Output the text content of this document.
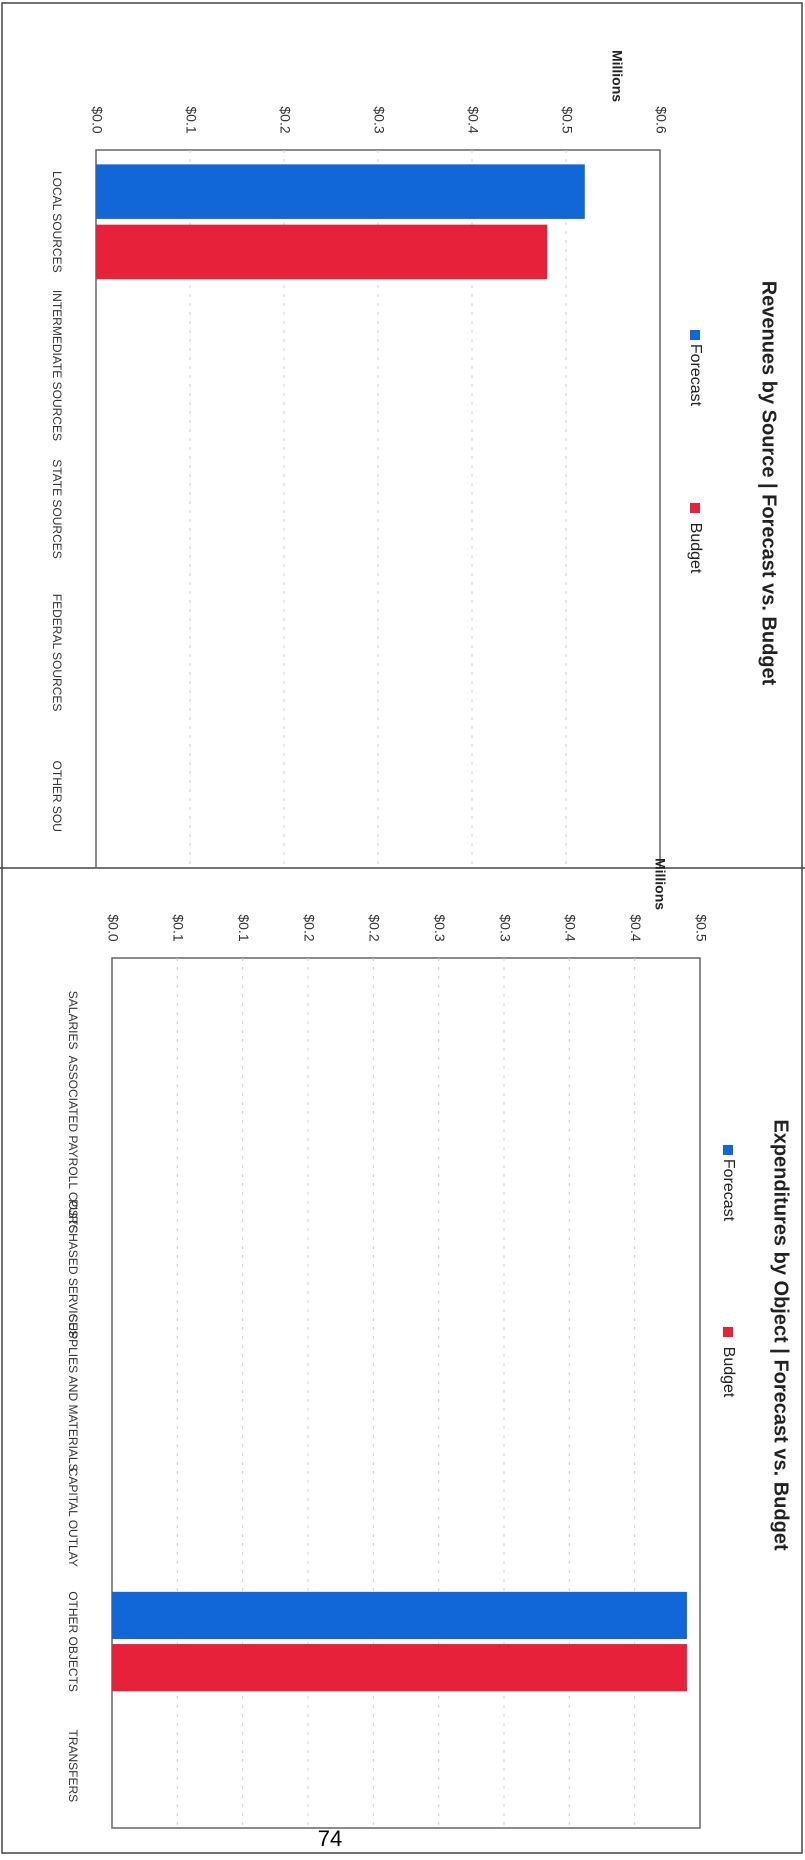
$0.0	$0.1	$0.2	$0.3	$0.4	$0.5	$0.6
Millions
Revenues by Source | Forecast vs. Budget
Forecast
Budget
LOCAL SOURCES
INTERMEDIATE SOURCES
STATE SOURCES
FEDERAL SOURCES
OTHER SOU
$0.0	$0.1	$0.1	$0.2	$0.2	$0.3	$0.3	$0.4	$0.4	$0.5
Millions
Expenditures by Object | Forecast vs. Budget
Forecast
Budget
SALARIES
ASSOCIATED PAYROLL COSTS
PURCHASED SERVICES
SUPPLIES AND MATERIALS
CAPITAL OUTLAY
OTHER OBJECTS
TRANSFERS
74
